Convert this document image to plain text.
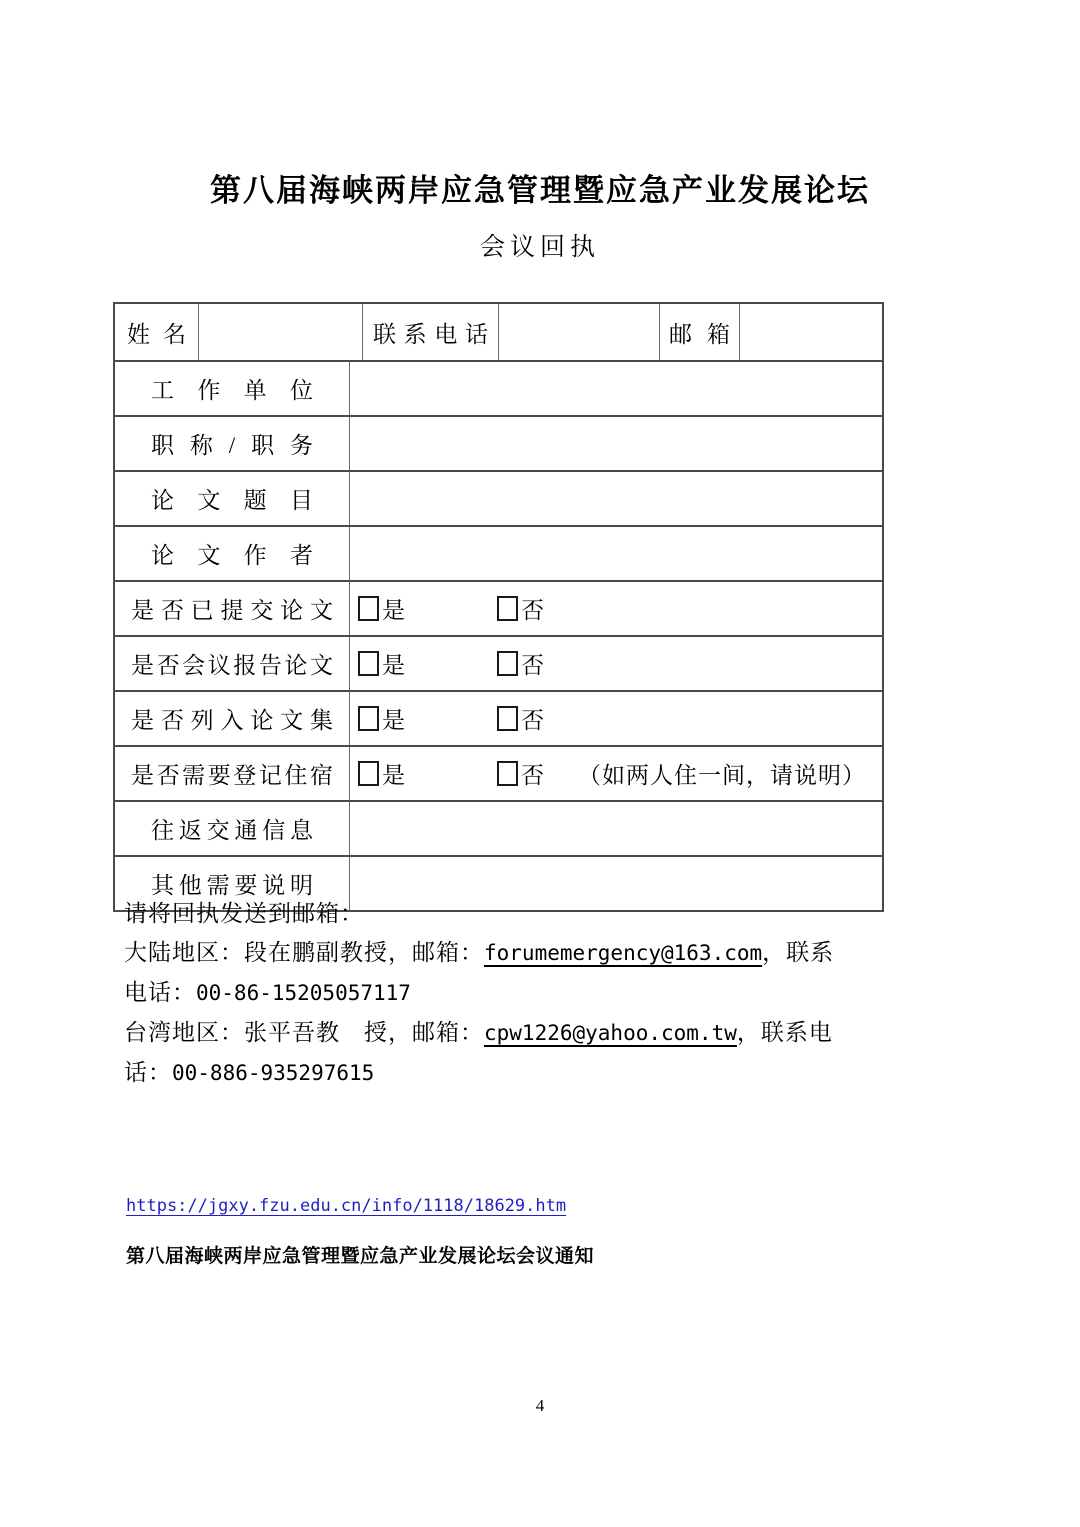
第八届海峡两岸应急管理暨应急产业发展论坛
会议回执
姓名	联系电话	邮箱
工作单位
职称/职务
论文题目
论文作者
是否已提交论文	是	否
是否会议报告论文	是	否
是否列入论文集	是	否
是否需要登记住宿	是	否 （如两人住一间，请说明）
往返交通信息
其他需要说明
请将回执发送到邮箱：
大陆地区：段在鹏副教授，邮箱：forumemergency@163.com，联系
电话：00-86-15205057117
台湾地区：张平吾教　授，邮箱：cpw1226@yahoo.com.tw，联系电
话：00-886-935297615
https://jgxy.fzu.edu.cn/info/1118/18629.htm
第八届海峡两岸应急管理暨应急产业发展论坛会议通知
4
